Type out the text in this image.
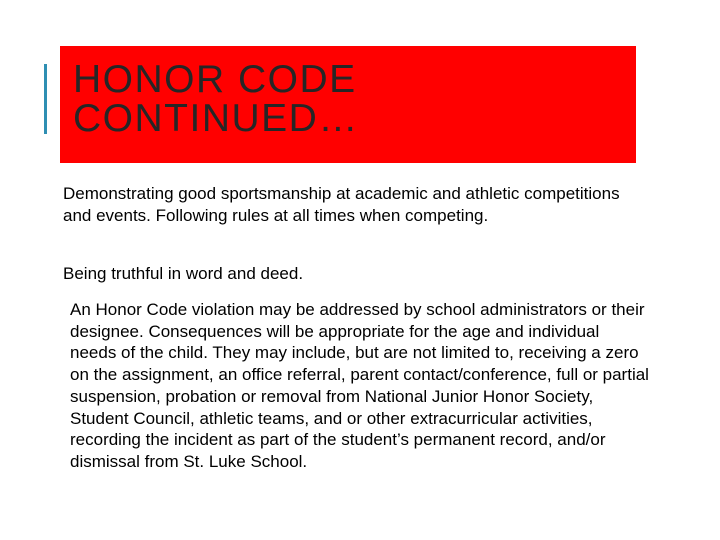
HONOR CODE
CONTINUED…

Demonstrating good sportsmanship at academic and athletic competitions and events. Following rules at all times when competing.

Being truthful in word and deed.

An Honor Code violation may be addressed by school administrators or their designee. Consequences will be appropriate for the age and individual needs of the child. They may include, but are not limited to, receiving a zero on the assignment, an office referral, parent contact/conference, full or partial suspension, probation or removal from National Junior Honor Society, Student Council, athletic teams, and or other extracurricular activities, recording the incident as part of the student’s permanent record, and/or dismissal from St. Luke School.
